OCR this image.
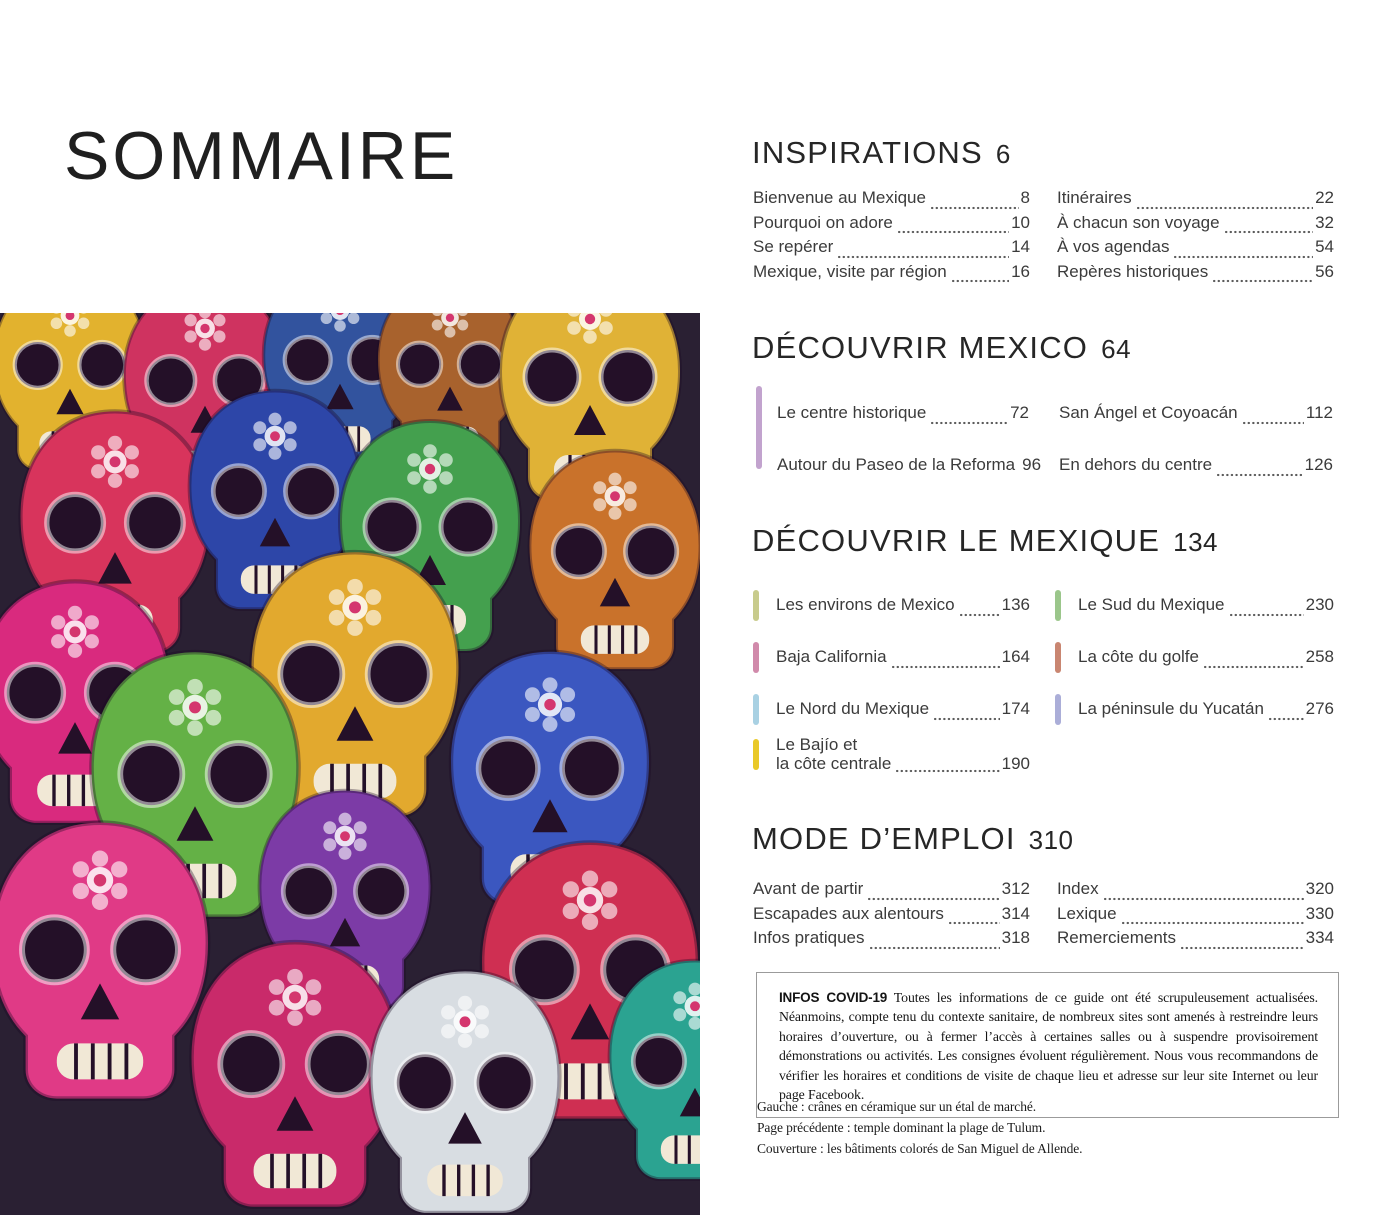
SOMMAIRE	INSPIRATIONS 6
Bienvenue au Mexique	8
Pourquoi on adore	10
Se repérer	14
Mexique, visite par région	16
Itinéraires	22
À chacun son voyage	32
À vos agendas	54
Repères historiques	56
DÉCOUVRIR MEXICO 64
Le centre historique	72
Autour du Paseo de la Reforma 96
San Ángel et Coyoacán	112
En dehors du centre	126
DÉCOUVRIR LE MEXIQUE 134
Les environs de Mexico	136
Baja California	164
Le Nord du Mexique	174
Le Bajío et
la côte centrale	190
Le Sud du Mexique	230
La côte du golfe	258
La péninsule du Yucatán 276
MODE D’EMPLOI 310
Avant de partir	312
Escapades aux alentours	314
Infos pratiques	318
Index	320
Lexique	330
Remerciements	334
INFOS COVID-19 Toutes les informations de ce guide ont été scrupuleusement actualisées. Néanmoins, compte tenu du contexte sanitaire, de nombreux sites sont amenés à restreindre leurs horaires d’ouverture, ou à fermer l’accès à certaines salles ou à suspendre provisoirement démonstrations ou activités. Les consignes évoluent régulièrement. Nous vous recommandons de vérifier les horaires et conditions de visite de chaque lieu et adresse sur leur site Internet ou leur page Facebook.
Gauche : crânes en céramique sur un étal de marché.
Page précédente : temple dominant la plage de Tulum.
Couverture : les bâtiments colorés de San Miguel de Allende.
